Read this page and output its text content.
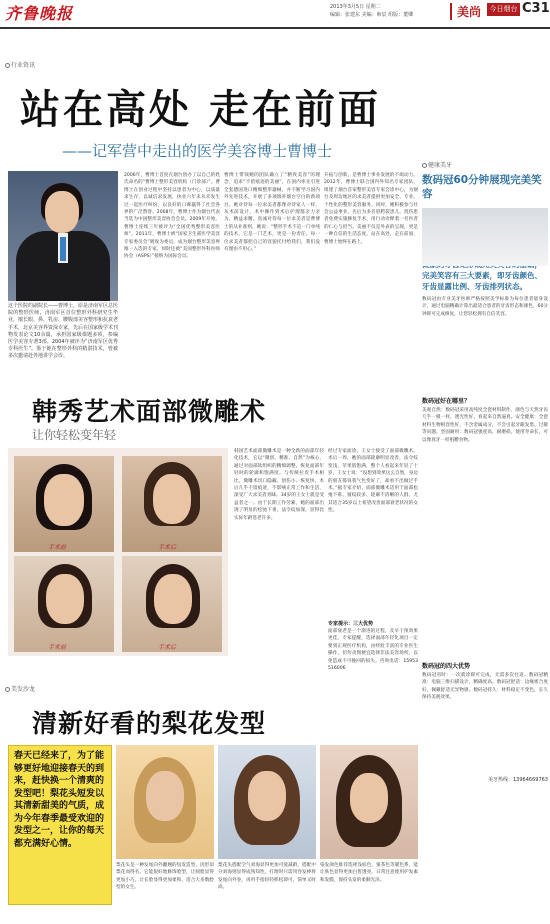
齐鲁晚报	2013年3月5日 星期二
编辑：张建东 美编：师辰 组版：董卿	美尚	今日烟台 C31
行业资讯
站在高处 走在前面
——记军营中走出的医学美容博士曹博士
这个医院的副院长——曹博士，原是济南军区总医院的整形医师，济南军区首位整形外科研究生毕业，擅长眼、鼻、乳房、腰腹部美容整形和抗衰老手术，北京美容界资深专家，先后在国家级学术刊物发表论文10余篇，承担国家级课题多项，参编医学美容专著3部。2004年被评为“济南军区优秀专科医生”。鉴于她在整形外科的精湛技术，曾被多次邀请赴外地讲学会诊。
2006年，曹博士首度在烟台创办了以自己的姓氏命名的“曹博士整形美容机构（门诊部）”。曹博士在创业过程中坚持以患者为中心，以质量求生存，以诚信求发展，执业六年来从未发生过一起医疗纠纷，以良好的口碑赢得了社会各界的广泛赞誉。2008年，曹博士作为烟台代表当选为中国整形美容协会会员。2009年开始，曹博士连续三年被评为“全国优秀整形美容医师”。2011年，曹博士被“国家卫生部医学美容专家委员会”吸收为委员，成为烟台整形美容界唯一入选的专家，同时还被“美国整形外科医师协会（ASPS）”接纳为国际会员。
曹博士带领她的团队确立了“精致美容”的理念，追求“不留痕迹的美丽”，在国内率先引进全套德国进口精细整形器械，并不断学习国内外先进技术，开展了多项填补烟台空白的新项目。她对待每一位求美者都像对待家人一样，从术前设计、术中操作到术后护理都亲力亲为、精益求精。真诚对待每一位求美者是曹博士的从业准则，她说：“整形手术不是一门单纯的技术，它是一门艺术，更是一份责任。每一位求美者都把自己的容貌托付给我们，我们没有理由不用心。”
开拓与创新，是曹博士事业发展的不竭动力。2012年，曹博士联合国内外知名专家团队，组建了烟台首家整形美容专家会诊中心，为烟台及周边地区的求美者提供更加安全、专业、个性化的整形美容服务。同时，她积极参与社会公益事业，先后为多名唇腭裂患儿、烧伤患者免费实施修复手术，用行动诠释着一名医者的仁心与担当。美丽不仅是外表的呈现，更是一种自信的生活态度。站在高处，走在前面，曹博士始终在路上。
韩秀艺术面部微雕术
让你轻松变年轻
手术前	手术后
手术前	手术后
韩国艺术面部微雕术是一种全新的面部年轻化技术，它以“微创、精准、自然”为核心，通过对面部软组织的精细调整，恢复面部年轻时的轮廓和饱满度。与传统拉皮手术相比，微雕术切口隐蔽、创伤小、恢复快，术后几乎不留痕迹，不影响正常工作和生活，深受广大求美者青睐。34岁的王女士就是受益者之一。由于长期工作劳累，她的面部出现了明显的松弛下垂，法令纹加深，显得比实际年龄苍老许多。
经过专家面诊，王女士接受了面部微雕术。术后一周，她的面部轮廓明显改善，法令纹变浅，苹果肌饱满，整个人看起来年轻了十岁。王女士说：“没想到效果这么自然，身边的朋友都说我气色变好了，却看不出做过手术。”据专家介绍，面部微雕术适用于面部松弛下垂、皱纹较多、轮廓不清晰的人群，尤其适合35岁以上希望改善面部衰老状况的女性。
专家提示：三大优势
面部衰老是一个渐进的过程，及早干预效果更佳。专家提醒，选择面部年轻化项目一定要到正规医疗机构，由经验丰富的专业医生操作，切勿贪图便宜选择非法美容场所，以免造成不可挽回的损失。咨询电话：15953516006
美发沙龙
清新好看的梨花发型
春天已经来了，为了能够更好地迎接春天的到来，赶快换一个清爽的发型吧！梨花头短发以其清新甜美的气质，成为今年春季最受欢迎的发型之一，让你的每天都充满好心情。
梨花头是一种发尾向外翻翘的短发造型，因形似梨花而得名。它能很好地修饰脸型，让圆脸显得更加小巧，让长脸显得更加柔和，适合大多数脸型的女生。
梨花头搭配空气刘海显得更加可爱减龄，搭配中分刘海则显得成熟知性。打理时只需用卷发棒将发尾向外卷，再用手指轻轻抓松即可，简单又时尚。
染发颜色推荐选择浅棕色、蜜茶色等暖色系，能让肤色显得更加白皙透亮。日常注意使用护发素和发膜，保持头发的柔顺光泽。
健康美牙
数码冠60分钟展现完美笑容
完美笑容有三大要素，即牙齿颜色、牙齿显露比例、牙齿排列状态。
数码冠由专业美牙医师严格按照美学标准为每位患者量身设计，通过电脑精确计算出最适合患者的牙齿形态和颜色，60分钟即可完成修复，让您轻松拥有自信笑容。
数码冠好在哪里？
美观自然：数码冠采用高纯度全瓷材料制作，颜色与天然牙齿几乎一模一样，透光性好，看起来自然逼真。安全健康：全瓷材料生物相容性好，不含金属成分，不会引起牙龈发黑、过敏等问题。坚固耐用：数码冠强度高、耐磨损，使用寿命长，可以像真牙一样咀嚼食物。
数码冠的四大优势
数码冠省时：一次就诊即可完成，无需多次往返。数码冠精准：电脑三维扫描设计，精确度高。数码冠舒适：边缘密合度好，佩戴舒适无异物感。数码冠持久：材料稳定不变色，长久保持美观效果。
美牙热线：13964669763
